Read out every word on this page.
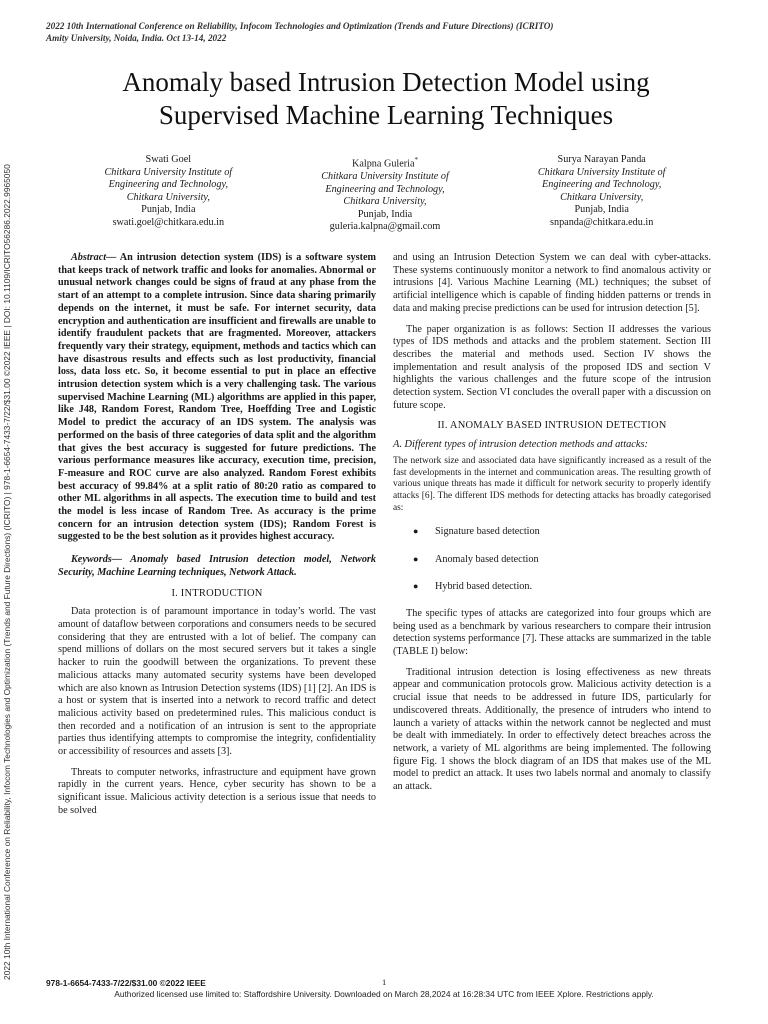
2022 10th International Conference on Reliability, Infocom Technologies and Optimization (Trends and Future Directions) (ICRITO)
Amity University, Noida, India. Oct 13-14, 2022
2022 10th International Conference on Reliability, Infocom Technologies and Optimization (Trends and Future Directions) (ICRITO) | 978-1-6654-7433-7/22/$31.00 ©2022 IEEE | DOI: 10.1109/ICRITO56286.2022.9965050
Anomaly based Intrusion Detection Model using
Supervised Machine Learning Techniques
Swati Goel
Chitkara University Institute of
Engineering and Technology,
Chitkara University,
Punjab, India
swati.goel@chitkara.edu.in
Kalpna Guleria*
Chitkara University Institute of
Engineering and Technology,
Chitkara University,
Punjab, India
guleria.kalpna@gmail.com
Surya Narayan Panda
Chitkara University Institute of
Engineering and Technology,
Chitkara University,
Punjab, India
snpanda@chitkara.edu.in

Abstract— An intrusion detection system (IDS) is a software system that keeps track of network traffic and looks for anomalies. Abnormal or unusual network changes could be signs of fraud at any phase from the start of an attempt to a complete intrusion. Since data sharing primarily depends on the internet, it must be safe. For internet security, data encryption and authentication are insufficient and firewalls are unable to identify fraudulent packets that are fragmented. Moreover, attackers frequently vary their strategy, equipment, methods and tactics which can have disastrous results and effects such as lost productivity, financial loss, data loss etc. So, it become essential to put in place an effective intrusion detection system which is a very challenging task. The various supervised Machine Learning (ML) algorithms are applied in this paper, like J48, Random Forest, Random Tree, Hoeffding Tree and Logistic Model to predict the accuracy of an IDS system. The analysis was performed on the basis of three categories of data split and the algorithm that gives the best accuracy is suggested for future predictions. The various performance measures like accuracy, execution time, precision, F-measure and ROC curve are also analyzed. Random Forest exhibits best accuracy of 99.84% at a split ratio of 80:20 ratio as compared to other ML algorithms in all aspects. The execution time to build and test the model is less incase of Random Tree. As accuracy is the prime concern for an intrusion detection system (IDS); Random Forest is suggested to be the best solution as it provides highest accuracy.

Keywords— Anomaly based Intrusion detection model, Network Security, Machine Learning techniques, Network Attack.

I. INTRODUCTION

Data protection is of paramount importance in today’s world. The vast amount of dataflow between corporations and consumers needs to be secured considering that they are entrusted with a lot of belief. The company can spend millions of dollars on the most secured servers but it takes a single hacker to ruin the goodwill between the organizations. To prevent these malicious attacks many automated security systems have been developed which are also known as Intrusion Detection systems (IDS) [1] [2]. An IDS is a host or system that is inserted into a network to record traffic and detect malicious activity based on predetermined rules. This malicious conduct is then recorded and a notification of an intrusion is sent to the appropriate parties thus identifying attempts to compromise the integrity, confidentiality or accessibility of resources and assets [3].

Threats to computer networks, infrastructure and equipment have grown rapidly in the current years. Hence, cyber security has shown to be a significant issue. Malicious activity detection is a serious issue that needs to be solved

and using an Intrusion Detection System we can deal with cyber-attacks. These systems continuously monitor a network to find anomalous activity or intrusions [4]. Various Machine Learning (ML) techniques; the subset of artificial intelligence which is capable of finding hidden patterns or trends in data and making precise predictions can be used for intrusion detection [5].

The paper organization is as follows: Section II addresses the various types of IDS methods and attacks and the problem statement. Section III describes the material and methods used. Section IV shows the implementation and result analysis of the proposed IDS and section V highlights the various challenges and the future scope of the intrusion detection system. Section VI concludes the overall paper with a discussion on future scope.

II. ANOMALY BASED INTRUSION DETECTION
A. Different types of intrusion detection methods and attacks:

The network size and associated data have significantly increased as a result of the fast developments in the internet and communication areas. The resulting growth of various unique threats has made it difficult for network security to properly identify attacks [6]. The different IDS methods for detecting attacks has broadly categorised as:

●	Signature based detection
●	Anomaly based detection
●	Hybrid based detection.

The specific types of attacks are categorized into four groups which are being used as a benchmark by various researchers to compare their intrusion detection systems performance [7]. These attacks are summarized in the table (TABLE I) below:

Traditional intrusion detection is losing effectiveness as new threats appear and communication protocols grow. Malicious activity detection is a crucial issue that needs to be addressed in future IDS, particularly for undiscovered threats. Additionally, the presence of intruders who intend to launch a variety of attacks within the network cannot be neglected and must be dealt with immediately. In order to effectively detect breaches across the network, a variety of ML algorithms are being implemented. The following figure Fig. 1 shows the block diagram of an IDS that makes use of the ML model to predict an attack. It uses two labels normal and anomaly to classify an attack.

978-1-6654-7433-7/22/$31.00 ©2022 IEEE	1
Authorized licensed use limited to: Staffordshire University. Downloaded on March 28,2024 at 16:28:34 UTC from IEEE Xplore. Restrictions apply.
